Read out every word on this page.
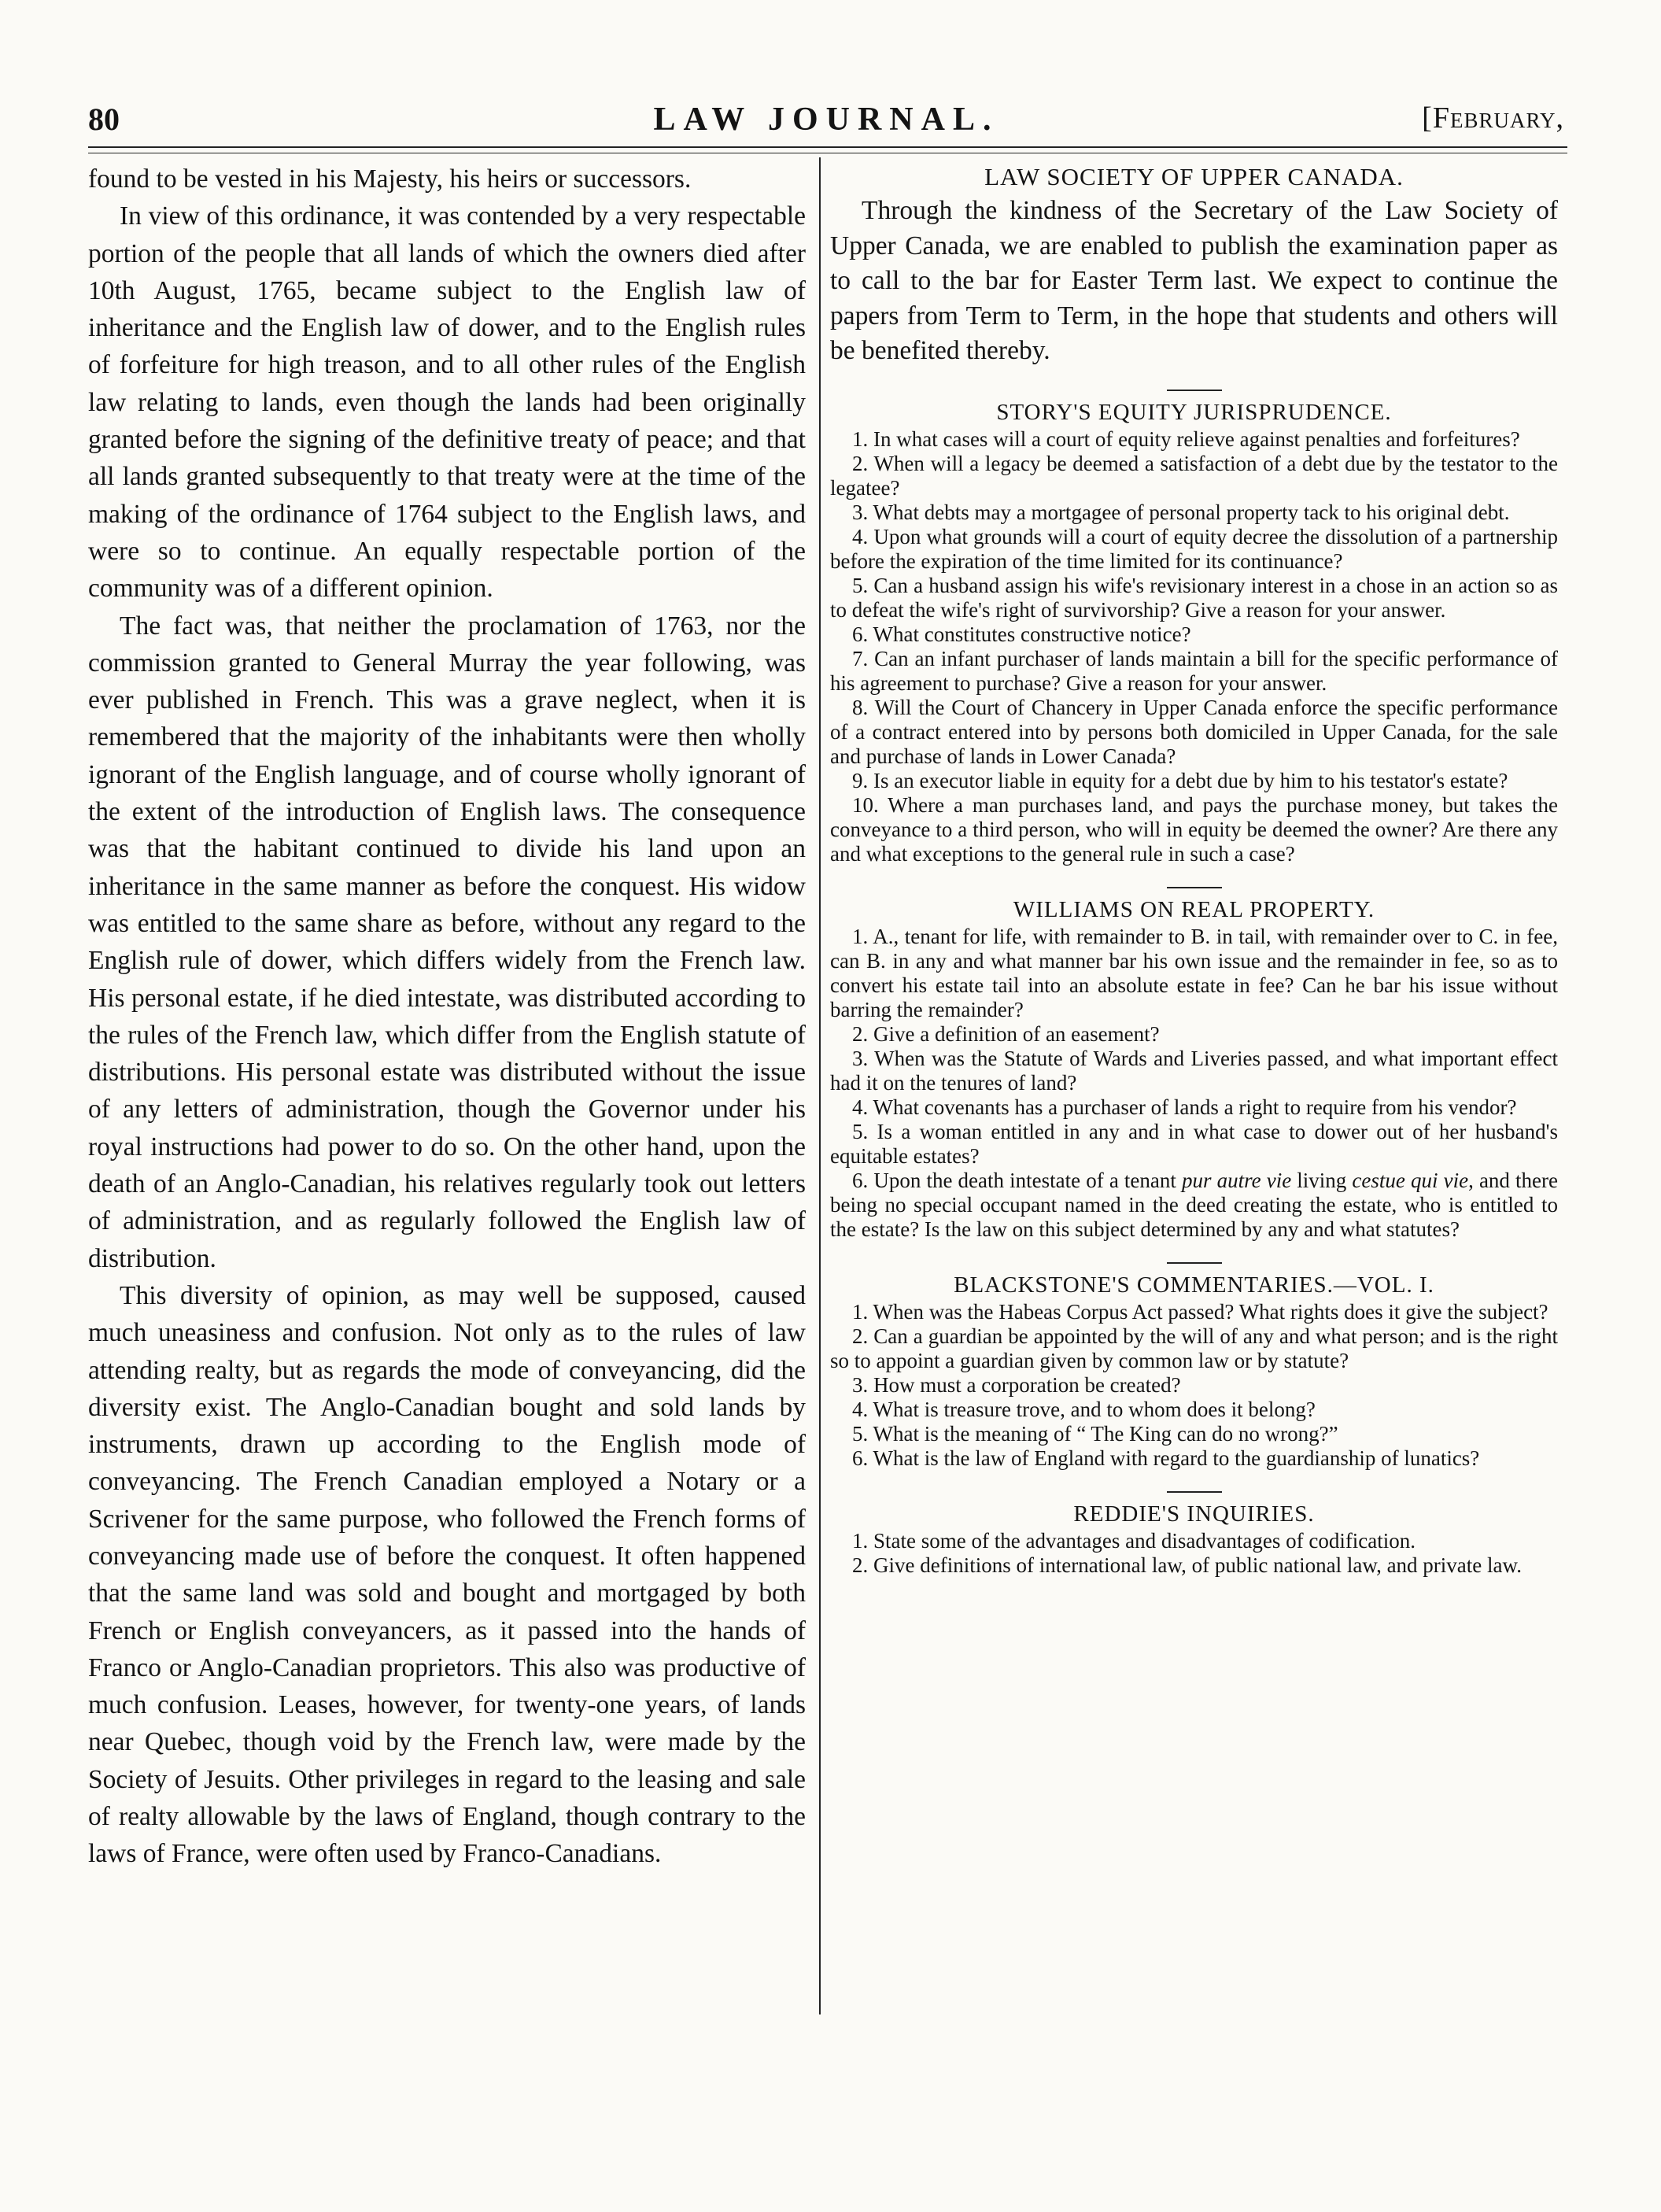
80	LAW JOURNAL.	[February,

found to be vested in his Majesty, his heirs or successors.

In view of this ordinance, it was contended by a very respectable portion of the people that all lands of which the owners died after 10th August, 1765, became subject to the English law of inheritance and the English law of dower, and to the English rules of forfeiture for high treason, and to all other rules of the English law relating to lands, even though the lands had been originally granted before the signing of the definitive treaty of peace; and that all lands granted subsequently to that treaty were at the time of the making of the ordinance of 1764 subject to the English laws, and were so to continue. An equally respectable portion of the community was of a different opinion.

The fact was, that neither the proclamation of 1763, nor the commission granted to General Murray the year following, was ever published in French. This was a grave neglect, when it is remembered that the majority of the inhabitants were then wholly ignorant of the English language, and of course wholly ignorant of the extent of the introduction of English laws. The consequence was that the habitant continued to divide his land upon an inheritance in the same manner as before the conquest. His widow was entitled to the same share as before, without any regard to the English rule of dower, which differs widely from the French law. His personal estate, if he died intestate, was distributed according to the rules of the French law, which differ from the English statute of distributions. His personal estate was distributed without the issue of any letters of administration, though the Governor under his royal instructions had power to do so. On the other hand, upon the death of an Anglo-Canadian, his relatives regularly took out letters of administration, and as regularly followed the English law of distribution.

This diversity of opinion, as may well be supposed, caused much uneasiness and confusion. Not only as to the rules of law attending realty, but as regards the mode of conveyancing, did the diversity exist. The Anglo-Canadian bought and sold lands by instruments, drawn up according to the English mode of conveyancing. The French Canadian employed a Notary or a Scrivener for the same purpose, who followed the French forms of conveyancing made use of before the conquest. It often happened that the same land was sold and bought and mortgaged by both French or English conveyancers, as it passed into the hands of Franco or Anglo-Canadian proprietors. This also was productive of much confusion. Leases, however, for twenty-one years, of lands near Quebec, though void by the French law, were made by the Society of Jesuits. Other privileges in regard to the leasing and sale of realty allowable by the laws of England, though contrary to the laws of France, were often used by Franco-Canadians.

LAW SOCIETY OF UPPER CANADA.

Through the kindness of the Secretary of the Law Society of Upper Canada, we are enabled to publish the examination paper as to call to the bar for Easter Term last. We expect to continue the papers from Term to Term, in the hope that students and others will be benefited thereby.

STORY'S EQUITY JURISPRUDENCE.

1. In what cases will a court of equity relieve against penalties and forfeitures?

2. When will a legacy be deemed a satisfaction of a debt due by the testator to the legatee?

3. What debts may a mortgagee of personal property tack to his original debt.

4. Upon what grounds will a court of equity decree the dissolution of a partnership before the expiration of the time limited for its continuance?

5. Can a husband assign his wife's revisionary interest in a chose in an action so as to defeat the wife's right of survivorship? Give a reason for your answer.

6. What constitutes constructive notice?

7. Can an infant purchaser of lands maintain a bill for the specific performance of his agreement to purchase? Give a reason for your answer.

8. Will the Court of Chancery in Upper Canada enforce the specific performance of a contract entered into by persons both domiciled in Upper Canada, for the sale and purchase of lands in Lower Canada?

9. Is an executor liable in equity for a debt due by him to his testator's estate?

10. Where a man purchases land, and pays the purchase money, but takes the conveyance to a third person, who will in equity be deemed the owner? Are there any and what exceptions to the general rule in such a case?

WILLIAMS ON REAL PROPERTY.

1. A., tenant for life, with remainder to B. in tail, with remainder over to C. in fee, can B. in any and what manner bar his own issue and the remainder in fee, so as to convert his estate tail into an absolute estate in fee? Can he bar his issue without barring the remainder?

2. Give a definition of an easement?

3. When was the Statute of Wards and Liveries passed, and what important effect had it on the tenures of land?

4. What covenants has a purchaser of lands a right to require from his vendor?

5. Is a woman entitled in any and in what case to dower out of her husband's equitable estates?

6. Upon the death intestate of a tenant pur autre vie living cestue qui vie, and there being no special occupant named in the deed creating the estate, who is entitled to the estate? Is the law on this subject determined by any and what statutes?

BLACKSTONE'S COMMENTARIES.—VOL. I.

1. When was the Habeas Corpus Act passed? What rights does it give the subject?

2. Can a guardian be appointed by the will of any and what person; and is the right so to appoint a guardian given by common law or by statute?

3. How must a corporation be created?

4. What is treasure trove, and to whom does it belong?

5. What is the meaning of “ The King can do no wrong?”

6. What is the law of England with regard to the guardianship of lunatics?

REDDIE'S INQUIRIES.

1. State some of the advantages and disadvantages of codification.

2. Give definitions of international law, of public national law, and private law.
